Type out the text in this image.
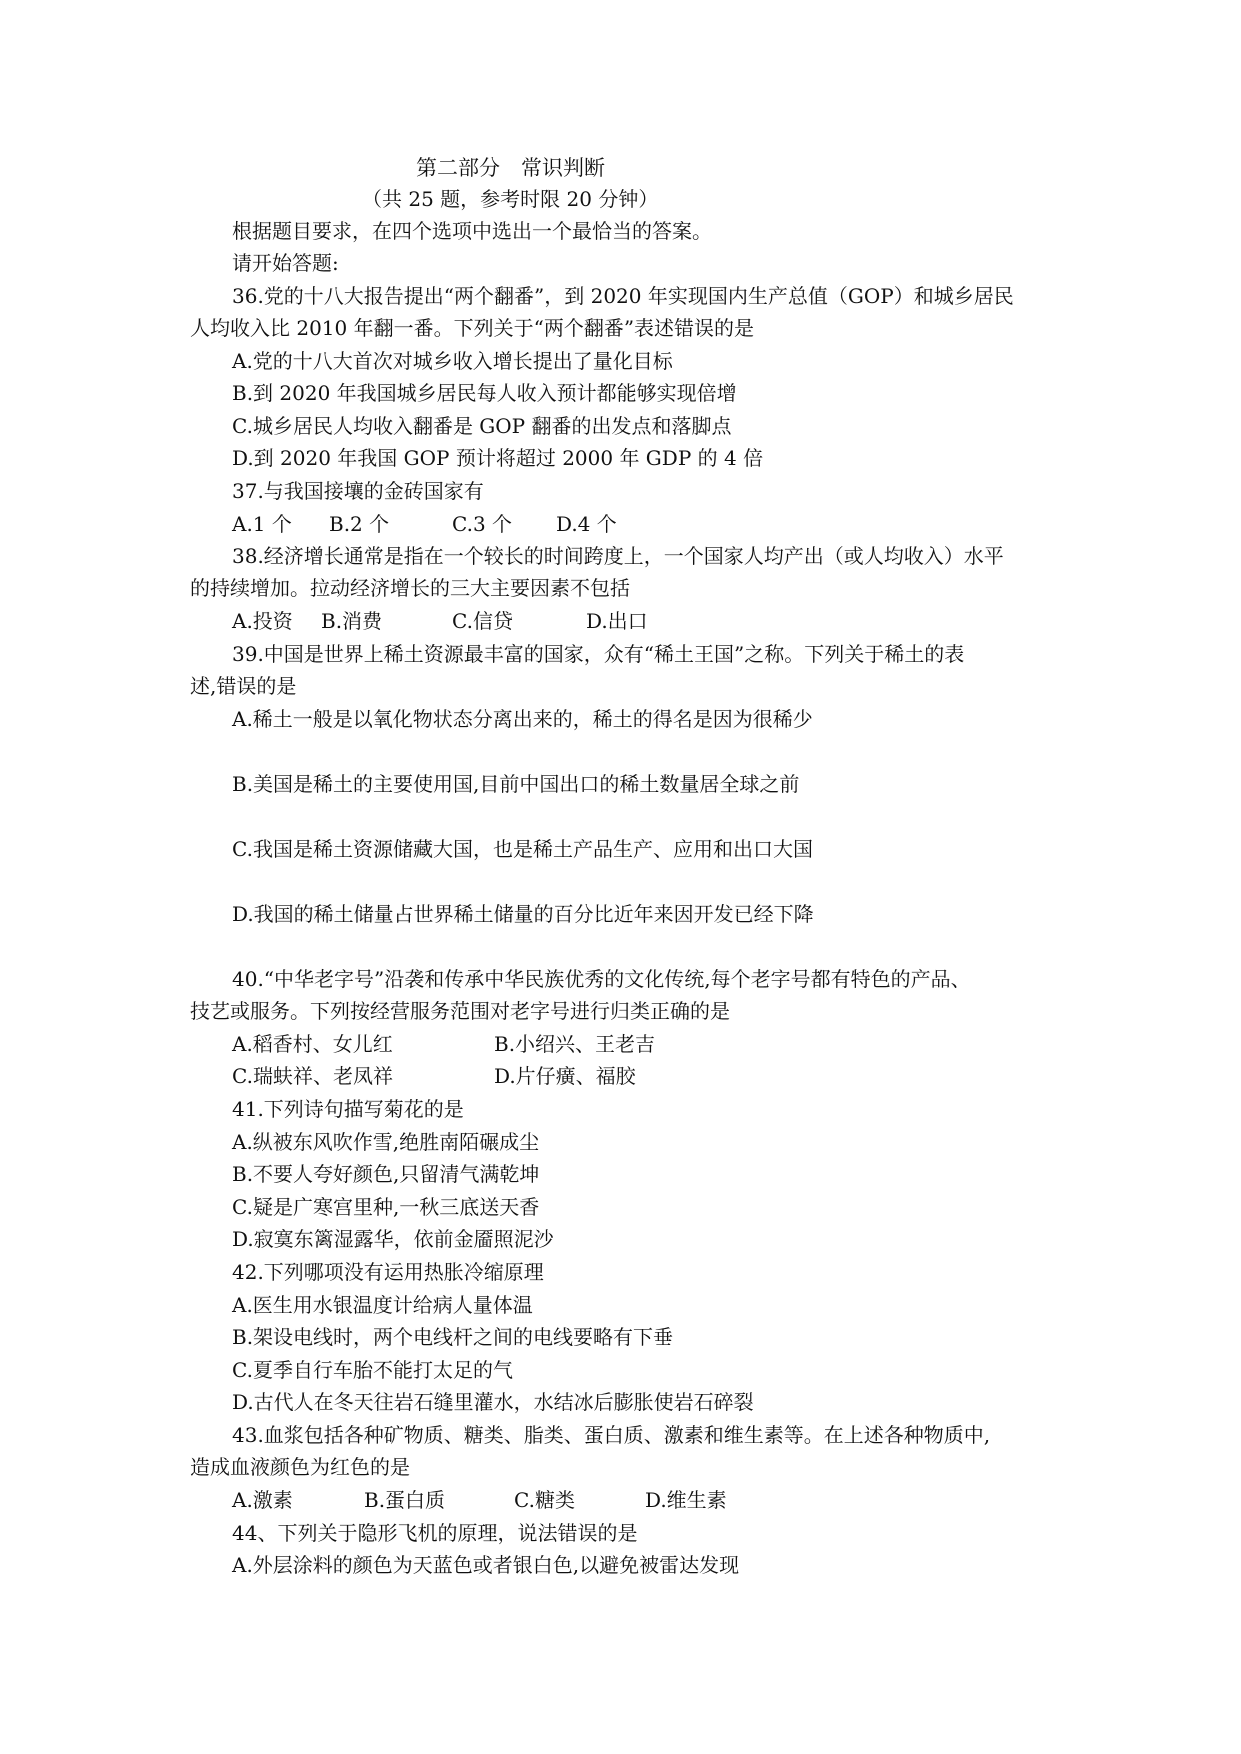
第二部分　常识判断
（共 25 题，参考时限 20 分钟）
根据题目要求，在四个选项中选出一个最恰当的答案。
请开始答题:
36.党的十八大报告提出“两个翻番”，到 2020 年实现国内生产总值（GOP）和城乡居民
人均收入比 2010 年翻一番。下列关于“两个翻番”表述错误的是
A.党的十八大首次对城乡收入增长提出了量化目标
B.到 2020 年我国城乡居民每人收入预计都能够实现倍增
C.城乡居民人均收入翻番是 GOP 翻番的出发点和落脚点
D.到 2020 年我国 GOP 预计将超过 2000 年 GDP 的 4 倍
37.与我国接壤的金砖国家有
A.1 个 B.2 个	C.3 个 D.4 个
38.经济增长通常是指在一个较长的时间跨度上，一个国家人均产出（或人均收入）水平
的持续增加。拉动经济增长的三大主要因素不包括
A.投资 B.消费	C.信贷	D.出口
39.中国是世界上稀土资源最丰富的国家，众有“稀土王国”之称。下列关于稀土的表
述,错误的是
A.稀土一般是以氧化物状态分离出来的，稀土的得名是因为很稀少
B.美国是稀土的主要使用国,目前中国出口的稀土数量居全球之前
C.我国是稀土资源储藏大国，也是稀土产品生产、应用和出口大国
D.我国的稀土储量占世界稀土储量的百分比近年来因开发已经下降
40.“中华老字号”沿袭和传承中华民族优秀的文化传统,每个老字号都有特色的产品、
技艺或服务。下列按经营服务范围对老字号进行归类正确的是
A.稻香村、女儿红	B.小绍兴、王老吉
C.瑞蚨祥、老凤祥	D.片仔癀、福胶
41.下列诗句描写菊花的是
A.纵被东风吹作雪,绝胜南陌碾成尘
B.不要人夸好颜色,只留清气满乾坤
C.疑是广寒宫里种,一秋三底送天香
D.寂寞东篱湿露华，依前金靥照泥沙
42.下列哪项没有运用热胀冷缩原理
A.医生用水银温度计给病人量体温
B.架设电线时，两个电线杆之间的电线要略有下垂
C.夏季自行车胎不能打太足的气
D.古代人在冬天往岩石缝里灌水，水结冰后膨胀使岩石碎裂
43.血浆包括各种矿物质、糖类、脂类、蛋白质、激素和维生素等。在上述各种物质中,
造成血液颜色为红色的是
A.激素	B.蛋白质	C.糖类	D.维生素
44、下列关于隐形飞机的原理，说法错误的是
A.外层涂料的颜色为天蓝色或者银白色,以避免被雷达发现
